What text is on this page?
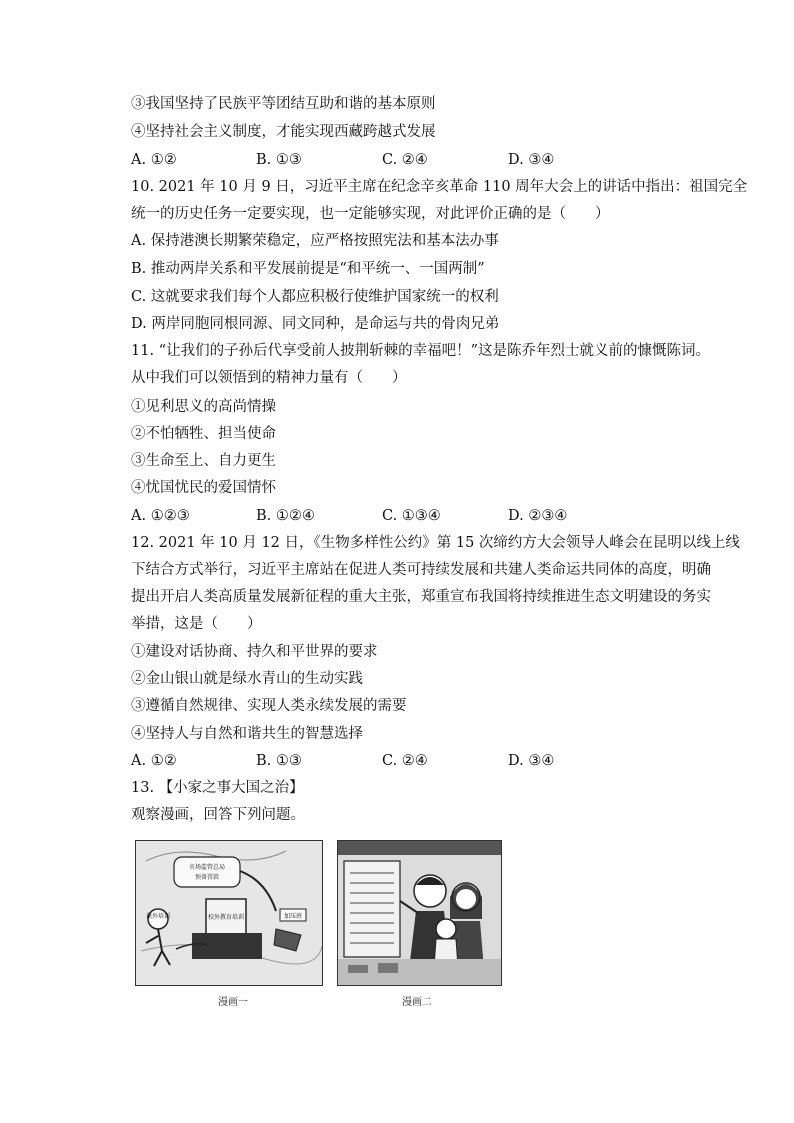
③我国坚持了民族平等团结互助和谐的基本原则
④坚持社会主义制度，才能实现西藏跨越式发展
A. ①②	B. ①③	C. ②④	D. ③④
10. 2021 年 10 月 9 日，习近平主席在纪念辛亥革命 110 周年大会上的讲话中指出：祖国完全
统一的历史任务一定要实现，也一定能够实现，对此评价正确的是（　　）
A. 保持港澳长期繁荣稳定，应严格按照宪法和基本法办事
B. 推动两岸关系和平发展前提是“和平统一、一国两制”
C. 这就要求我们每个人都应积极行使维护国家统一的权利
D. 两岸同胞同根同源、同文同种，是命运与共的骨肉兄弟
11. “让我们的子孙后代享受前人披荆斩棘的幸福吧！”这是陈乔年烈士就义前的慷慨陈词。
从中我们可以领悟到的精神力量有（　　）
①见利思义的高尚情操
②不怕牺牲、担当使命
③生命至上、自力更生
④忧国忧民的爱国情怀
A. ①②③	B. ①②④	C. ①③④	D. ②③④
12. 2021 年 10 月 12 日，《生物多样性公约》第 15 次缔约方大会领导人峰会在昆明以线上线
下结合方式举行，习近平主席站在促进人类可持续发展和共建人类命运共同体的高度，明确
提出开启人类高质量发展新征程的重大主张，郑重宣布我国将持续推进生态文明建设的务实
举措，这是（　　）
①建设对话协商、持久和平世界的要求
②金山银山就是绿水青山的生动实践
③遵循自然规律、实现人类永续发展的需要
④坚持人与自然和谐共生的智慧选择
A. ①②	B. ①③	C. ②④	D. ③④
13. 【小家之事大国之治】
观察漫画，回答下列问题。
市场监管总局
预备罚款
课外培训	校外教育培训	加压班
漫画一	漫画二
